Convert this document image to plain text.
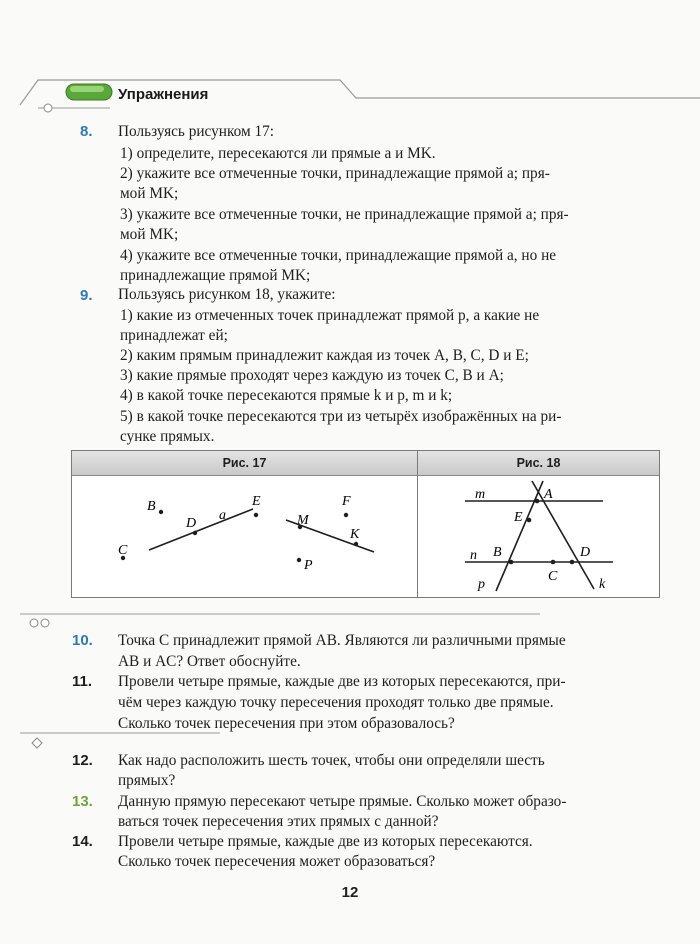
Упражнения
8.	Пользуясь рисунком 17:
1) определите, пересекаются ли прямые a и MK.
2) укажите все отмеченные точки, принадлежащие прямой a; пря-
мой MK;
3) укажите все отмеченные точки, не принадлежащие прямой a; пря-
мой MK;
4) укажите все отмеченные точки, принадлежащие прямой a, но не
принадлежащие прямой MK;
9.	Пользуясь рисунком 18, укажите:
1) какие из отмеченных точек принадлежат прямой p, а какие не
принадлежат ей;
2) каким прямым принадлежит каждая из точек A, B, C, D и E;
3) какие прямые проходят через каждую из точек C, B и A;
4) в какой точке пересекаются прямые k и p, m и k;
5) в какой точке пересекаются три из четырёх изображённых на ри-
сунке прямых.
Рис. 17	Рис. 18
B
D
a
E	F
M
K
C
P
m	A
E
n B	D
C
p	k
10.	Точка C принадлежит прямой AB. Являются ли различными прямые
AB и AC? Ответ обоснуйте.
11.	Провели четыре прямые, каждые две из которых пересекаются, при-
чём через каждую точку пересечения проходят только две прямые.
Сколько точек пересечения при этом образовалось?
12.	Как надо расположить шесть точек, чтобы они определяли шесть
прямых?
13.	Данную прямую пересекают четыре прямые. Сколько может образо-
ваться точек пересечения этих прямых с данной?
14.	Провели четыре прямые, каждые две из которых пересекаются.
Сколько точек пересечения может образоваться?
12
